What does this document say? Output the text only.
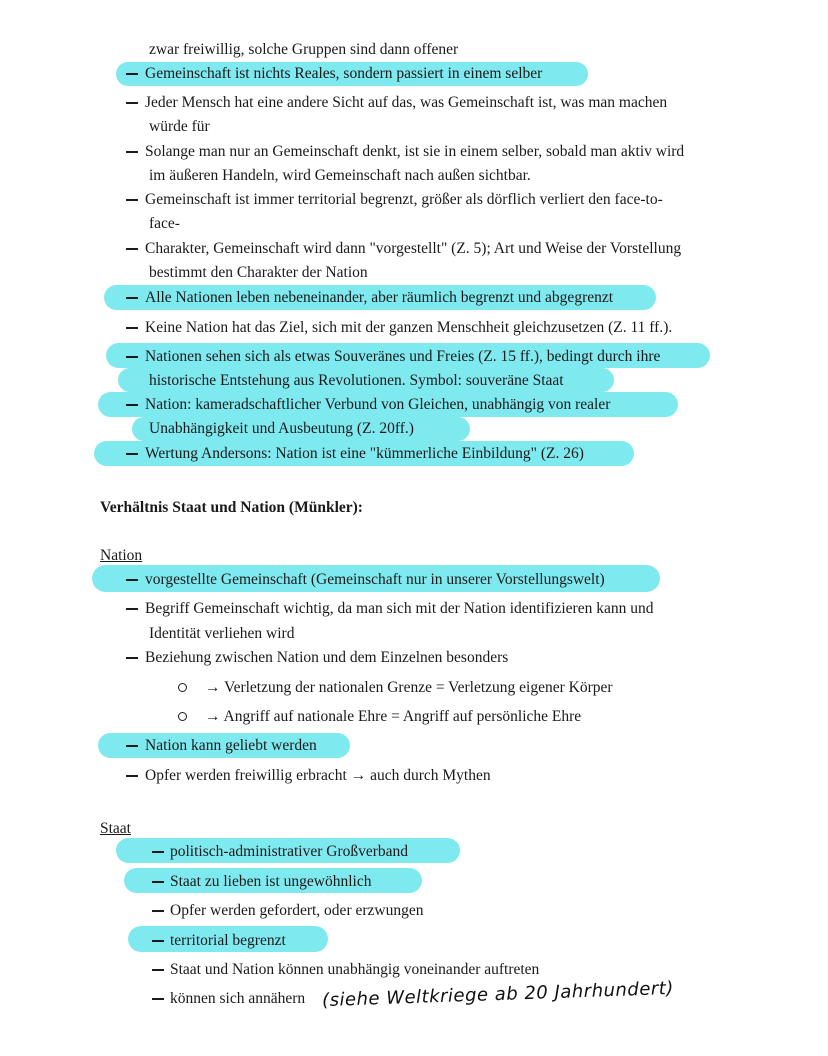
zwar freiwillig, solche Gruppen sind dann offener
Gemeinschaft ist nichts Reales, sondern passiert in einem selber
Jeder Mensch hat eine andere Sicht auf das, was Gemeinschaft ist, was man machen
würde für
Solange man nur an Gemeinschaft denkt, ist sie in einem selber, sobald man aktiv wird
im äußeren Handeln, wird Gemeinschaft nach außen sichtbar.
Gemeinschaft ist immer territorial begrenzt, größer als dörflich verliert den face-to-
face-
Charakter, Gemeinschaft wird dann "vorgestellt" (Z. 5); Art und Weise der Vorstellung
bestimmt den Charakter der Nation
Alle Nationen leben nebeneinander, aber räumlich begrenzt und abgegrenzt
Keine Nation hat das Ziel, sich mit der ganzen Menschheit gleichzusetzen (Z. 11 ff.).
Nationen sehen sich als etwas Souveränes und Freies (Z. 15 ff.), bedingt durch ihre
historische Entstehung aus Revolutionen. Symbol: souveräne Staat
Nation: kameradschaftlicher Verbund von Gleichen, unabhängig von realer
Unabhängigkeit und Ausbeutung (Z. 20ff.)
Wertung Andersons: Nation ist eine "kümmerliche Einbildung" (Z. 26)
Verhältnis Staat und Nation (Münkler):
Nation
vorgestellte Gemeinschaft (Gemeinschaft nur in unserer Vorstellungswelt)
Begriff Gemeinschaft wichtig, da man sich mit der Nation identifizieren kann und
Identität verliehen wird
Beziehung zwischen Nation und dem Einzelnen besonders
→ Verletzung der nationalen Grenze = Verletzung eigener Körper
→ Angriff auf nationale Ehre = Angriff auf persönliche Ehre
Nation kann geliebt werden
Opfer werden freiwillig erbracht → auch durch Mythen
Staat
politisch-administrativer Großverband
Staat zu lieben ist ungewöhnlich
Opfer werden gefordert, oder erzwungen
territorial begrenzt
Staat und Nation können unabhängig voneinander auftreten
können sich annähern (siehe Weltkriege ab 20 Jahrhundert)
